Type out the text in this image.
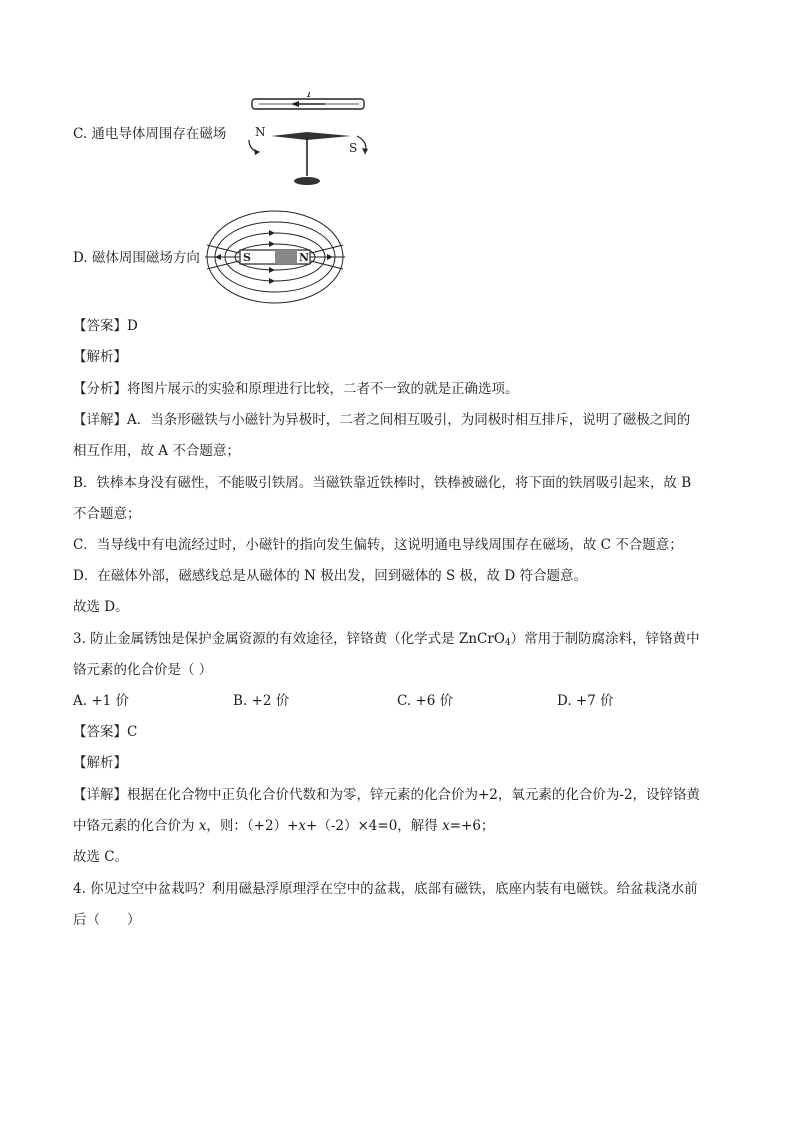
I
N
S
C. 通电导体周围存在磁场
S	N
D. 磁体周围磁场方向
【答案】D
【解析】
【分析】将图片展示的实验和原理进行比较，二者不一致的就是正确选项。
【详解】A．当条形磁铁与小磁针为异极时，二者之间相互吸引，为同极时相互排斥，说明了磁极之间的
相互作用，故 A 不合题意；
B．铁棒本身没有磁性，不能吸引铁屑。当磁铁靠近铁棒时，铁棒被磁化，将下面的铁屑吸引起来，故 B
不合题意；
C．当导线中有电流经过时，小磁针的指向发生偏转，这说明通电导线周围存在磁场，故 C 不合题意；
D．在磁体外部，磁感线总是从磁体的 N 极出发，回到磁体的 S 极，故 D 符合题意。
故选 D。
3. 防止金属锈蚀是保护金属资源的有效途径，锌铬黄（化学式是 ZnCrO$_4$）常用于制防腐涂料，锌铬黄中
铬元素的化合价是（ ）
A. +1 价	B. +2 价	C. +6 价	D. +7 价
【答案】C
【解析】
【详解】根据在化合物中正负化合价代数和为零，锌元素的化合价为+2，氧元素的化合价为-2，设锌铬黄
中铬元素的化合价为 x，则：（+2）+x+（-2）×4=0，解得 x=+6；
故选 C。
4. 你见过空中盆栽吗？利用磁悬浮原理浮在空中的盆栽，底部有磁铁，底座内装有电磁铁。给盆栽浇水前
后（　　）
